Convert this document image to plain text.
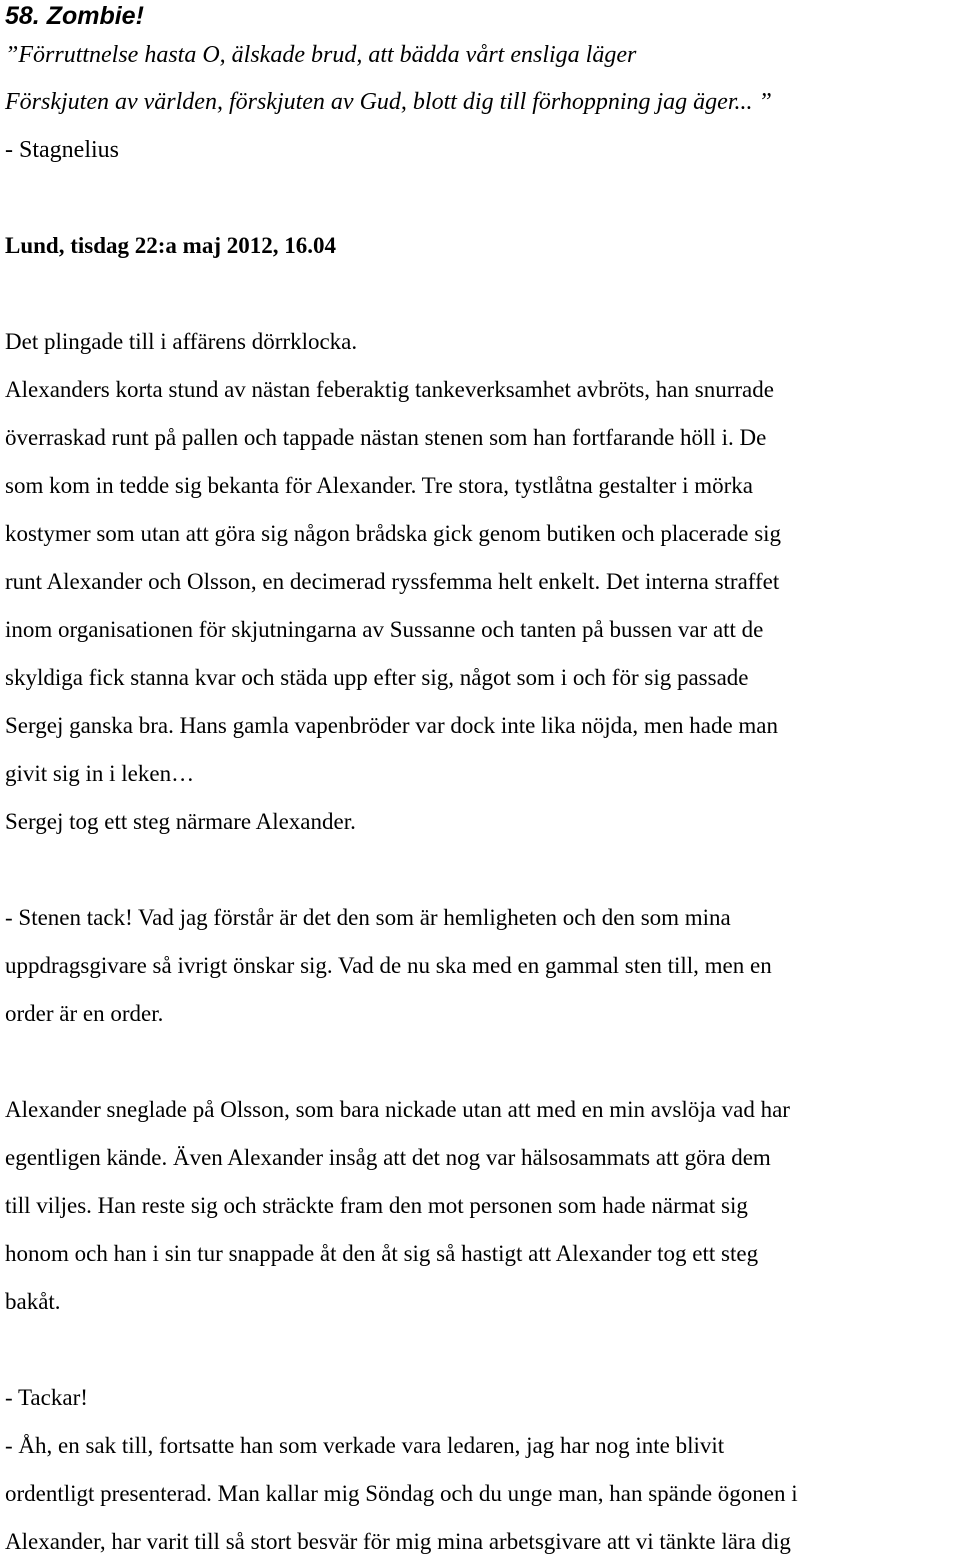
58. Zombie!
”Förruttnelse hasta O, älskade brud, att bädda vårt ensliga läger
Förskjuten av världen, förskjuten av Gud, blott dig till förhoppning jag äger... ”
- Stagnelius
Lund, tisdag 22:a maj 2012, 16.04
Det plingade till i affärens dörrklocka.
Alexanders korta stund av nästan feberaktig tankeverksamhet avbröts, han snurrade
överraskad runt på pallen och tappade nästan stenen som han fortfarande höll i. De
som kom in tedde sig bekanta för Alexander. Tre stora, tystlåtna gestalter i mörka
kostymer som utan att göra sig någon brådska gick genom butiken och placerade sig
runt Alexander och Olsson, en decimerad ryssfemma helt enkelt. Det interna straffet
inom organisationen för skjutningarna av Sussanne och tanten på bussen var att de
skyldiga fick stanna kvar och städa upp efter sig, något som i och för sig passade
Sergej ganska bra. Hans gamla vapenbröder var dock inte lika nöjda, men hade man
givit sig in i leken…
Sergej tog ett steg närmare Alexander.
- Stenen tack! Vad jag förstår är det den som är hemligheten och den som mina
uppdragsgivare så ivrigt önskar sig. Vad de nu ska med en gammal sten till, men en
order är en order.
Alexander sneglade på Olsson, som bara nickade utan att med en min avslöja vad har
egentligen kände. Även Alexander insåg att det nog var hälsosammats att göra dem
till viljes. Han reste sig och sträckte fram den mot personen som hade närmat sig
honom och han i sin tur snappade åt den åt sig så hastigt att Alexander tog ett steg
bakåt.
- Tackar!
- Åh, en sak till, fortsatte han som verkade vara ledaren, jag har nog inte blivit
ordentligt presenterad. Man kallar mig Söndag och du unge man, han spände ögonen i
Alexander, har varit till så stort besvär för mig mina arbetsgivare att vi tänkte lära dig
